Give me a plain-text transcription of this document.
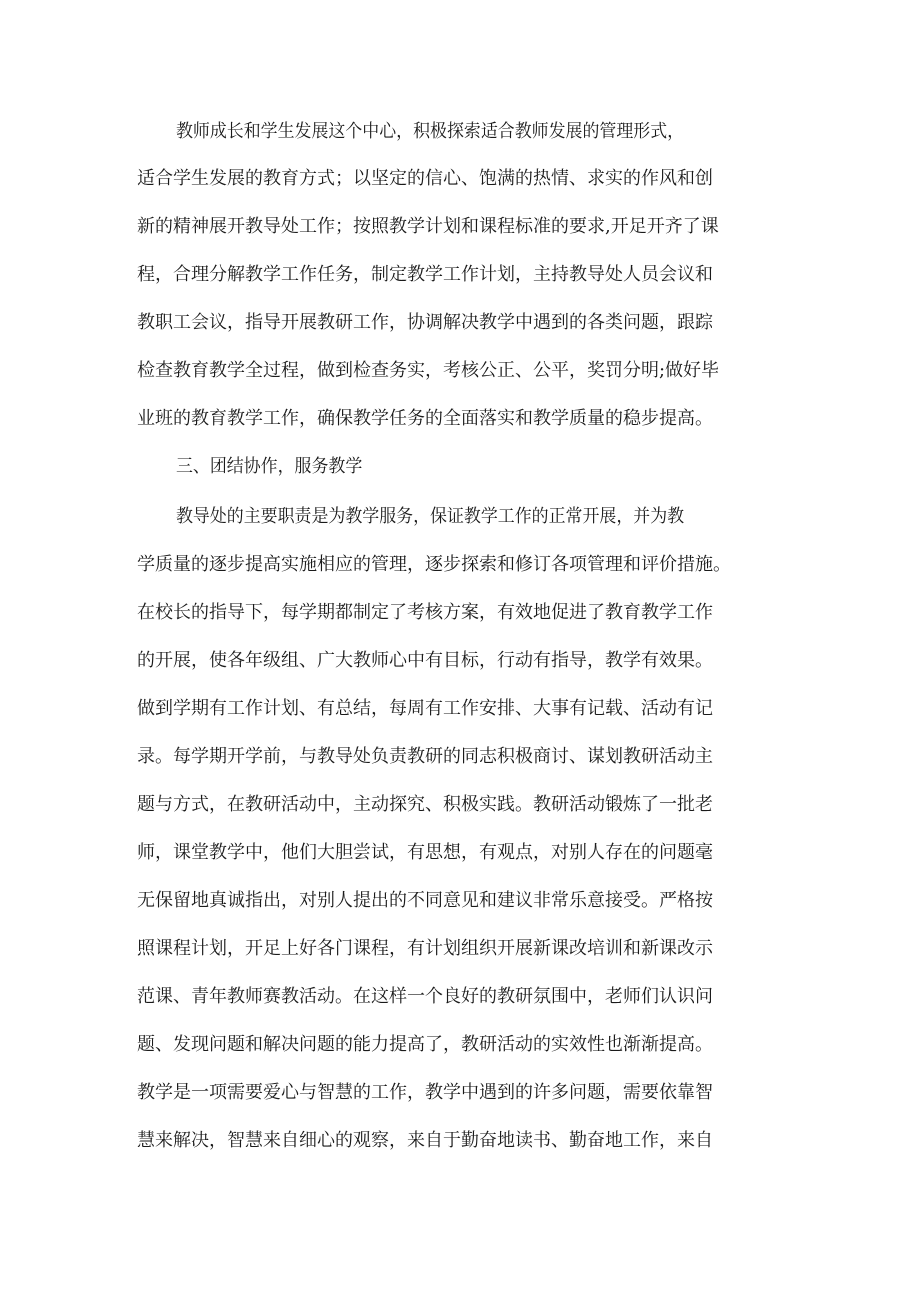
教师成长和学生发展这个中心，积极探索适合教师发展的管理形式，
适合学生发展的教育方式；以坚定的信心、饱满的热情、求实的作风和创
新的精神展开教导处工作；按照教学计划和课程标准的要求,开足开齐了课
程，合理分解教学工作任务，制定教学工作计划，主持教导处人员会议和
教职工会议，指导开展教研工作，协调解决教学中遇到的各类问题，跟踪
检查教育教学全过程，做到检查务实，考核公正、公平，奖罚分明;做好毕
业班的教育教学工作，确保教学任务的全面落实和教学质量的稳步提高。
三、团结协作，服务教学
教导处的主要职责是为教学服务，保证教学工作的正常开展，并为教
学质量的逐步提高实施相应的管理，逐步探索和修订各项管理和评价措施。
在校长的指导下，每学期都制定了考核方案，有效地促进了教育教学工作
的开展，使各年级组、广大教师心中有目标，行动有指导，教学有效果。
做到学期有工作计划、有总结，每周有工作安排、大事有记载、活动有记
录。每学期开学前，与教导处负责教研的同志积极商讨、谋划教研活动主
题与方式，在教研活动中，主动探究、积极实践。教研活动锻炼了一批老
师，课堂教学中，他们大胆尝试，有思想，有观点，对别人存在的问题毫
无保留地真诚指出，对别人提出的不同意见和建议非常乐意接受。严格按
照课程计划，开足上好各门课程，有计划组织开展新课改培训和新课改示
范课、青年教师赛教活动。在这样一个良好的教研氛围中，老师们认识问
题、发现问题和解决问题的能力提高了，教研活动的实效性也渐渐提高。
教学是一项需要爱心与智慧的工作，教学中遇到的许多问题，需要依靠智
慧来解决，智慧来自细心的观察，来自于勤奋地读书、勤奋地工作，来自
